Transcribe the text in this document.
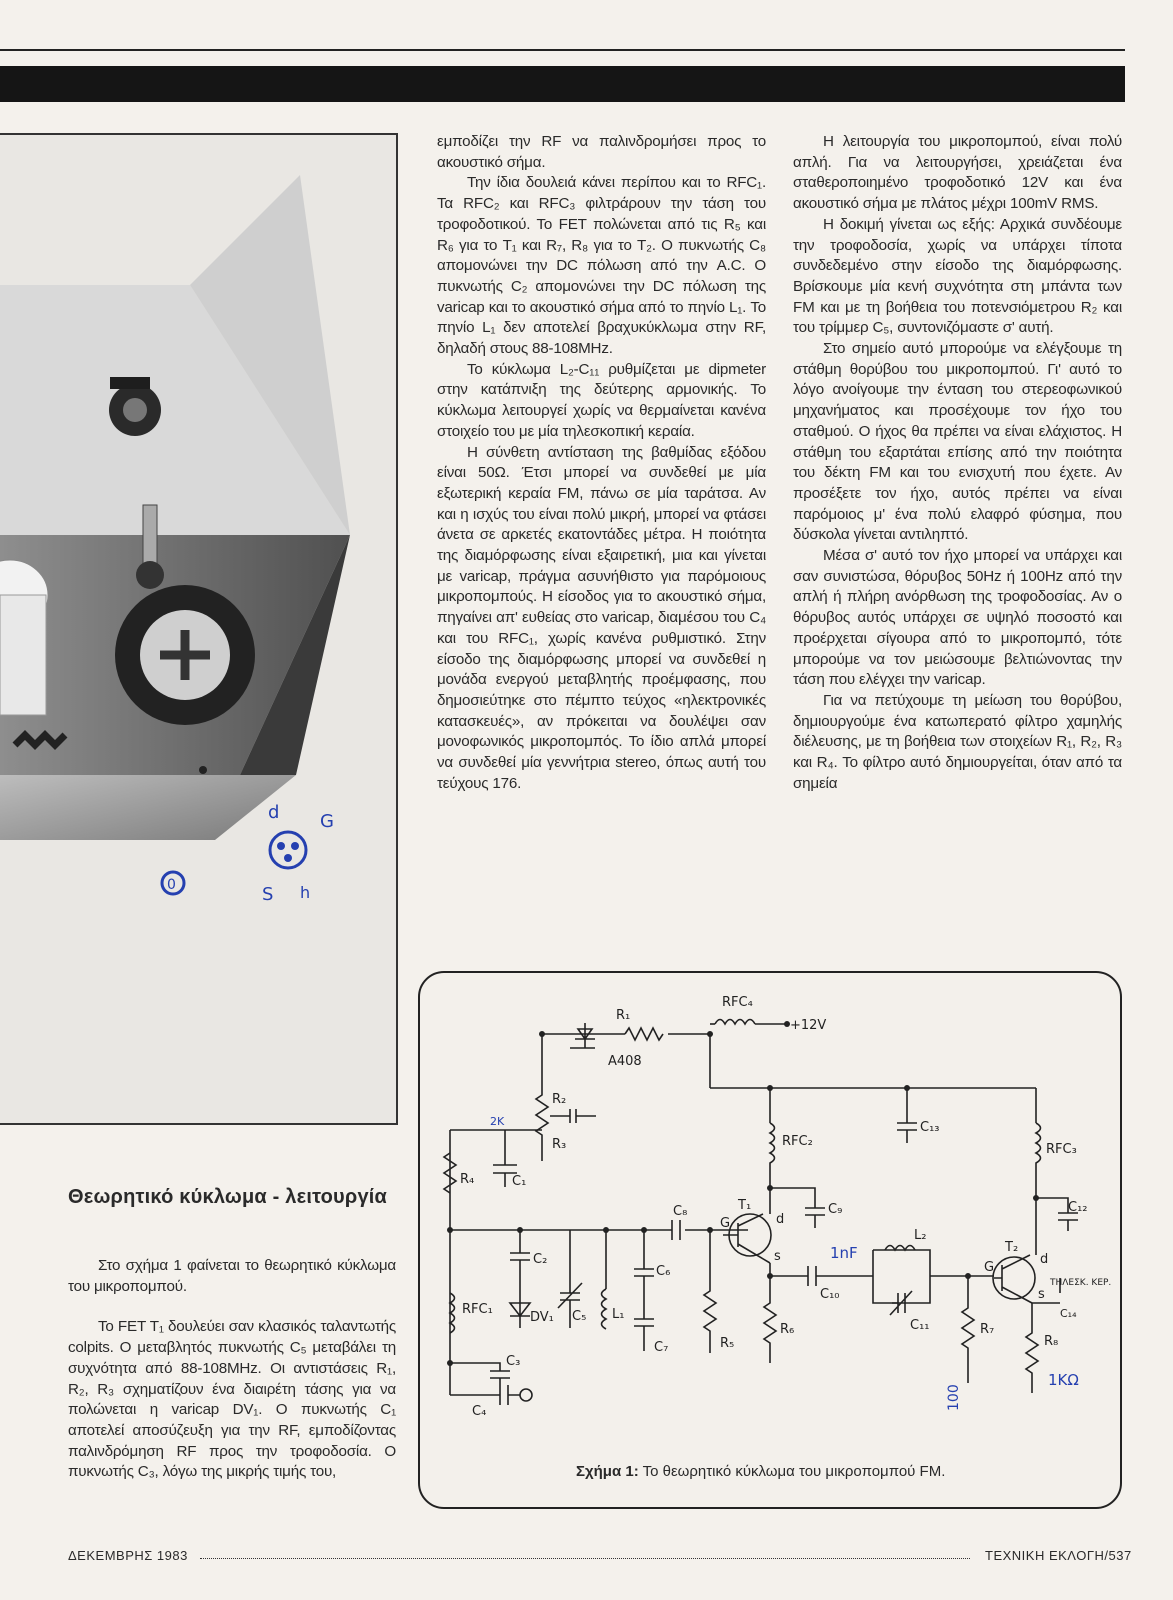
d G
S h
0

εμποδίζει την RF να παλινδρομήσει προς το ακουστικό σήμα.

Την ίδια δουλειά κάνει περίπου και το RFC₁. Τα RFC₂ και RFC₃ φιλτράρουν την τάση του τροφοδοτικού. Το FET πολώνεται από τις R₅ και R₆ για το T₁ και R₇, R₈ για το T₂. Ο πυκνωτής C₈ απομονώνει την DC πόλωση από την A.C. Ο πυκνωτής C₂ απομονώνει την DC πόλωση της varicap και το ακουστικό σήμα από το πηνίο L₁. Το πηνίο L₁ δεν αποτελεί βραχυκύκλωμα στην RF, δηλαδή στους 88-108MHz.

Το κύκλωμα L₂-C₁₁ ρυθμίζεται με dipmeter στην κατάπνιξη της δεύτερης αρμονικής. Το κύκλωμα λειτουργεί χωρίς να θερμαίνεται κανένα στοιχείο του με μία τηλεσκοπική κεραία.

Η σύνθετη αντίσταση της βαθμίδας εξόδου είναι 50Ω. Έτσι μπορεί να συνδεθεί με μία εξωτερική κεραία FM, πάνω σε μία ταράτσα. Αν και η ισχύς του είναι πολύ μικρή, μπορεί να φτάσει άνετα σε αρκετές εκατοντάδες μέτρα. Η ποιότητα της διαμόρφωσης είναι εξαιρετική, μια και γίνεται με varicap, πράγμα ασυνήθιστο για παρόμοιους μικροπομπούς. Η είσοδος για το ακουστικό σήμα, πηγαίνει απ' ευθείας στο varicap, διαμέσου του C₄ και του RFC₁, χωρίς κανένα ρυθμιστικό. Στην είσοδο της διαμόρφωσης μπορεί να συνδεθεί η μονάδα ενεργού μεταβλητής προέμφασης, που δημοσιεύτηκε στο πέμπτο τεύχος «ηλεκτρονικές κατασκευές», αν πρόκειται να δουλέψει σαν μονοφωνικός μικροπομπός. Το ίδιο απλά μπορεί να συνδεθεί μία γεννήτρια stereo, όπως αυτή του τεύχους 176.

Η λειτουργία του μικροπομπού, είναι πολύ απλή. Για να λειτουργήσει, χρειάζεται ένα σταθεροποιημένο τροφοδοτικό 12V και ένα ακουστικό σήμα με πλάτος μέχρι 100mV RMS.

Η δοκιμή γίνεται ως εξής: Αρχικά συνδέουμε την τροφοδοσία, χωρίς να υπάρχει τίποτα συνδεδεμένο στην είσοδο της διαμόρφωσης. Βρίσκουμε μία κενή συχνότητα στη μπάντα των FM και με τη βοήθεια του ποτενσιόμετρου R₂ και του τρίμμερ C₅, συντονιζόμαστε σ' αυτή.

Στο σημείο αυτό μπορούμε να ελέγξουμε τη στάθμη θορύβου του μικροπομπού. Γι' αυτό το λόγο ανοίγουμε την ένταση του στερεοφωνικού μηχανήματος και προσέχουμε τον ήχο του σταθμού. Ο ήχος θα πρέπει να είναι ελάχιστος. Η στάθμη του εξαρτάται επίσης από την ποιότητα του δέκτη FM και του ενισχυτή που έχετε. Αν προσέξετε τον ήχο, αυτός πρέπει να είναι παρόμοιος μ' ένα πολύ ελαφρό φύσημα, που δύσκολα γίνεται αντιληπτό.

Μέσα σ' αυτό τον ήχο μπορεί να υπάρχει και σαν συνιστώσα, θόρυβος 50Hz ή 100Hz από την απλή ή πλήρη ανόρθωση της τροφοδοσίας. Αν ο θόρυβος αυτός υπάρχει σε υψηλό ποσοστό και προέρχεται σίγουρα από το μικροπομπό, τότε μπορούμε να τον μειώσουμε βελτιώνοντας την τάση που ελέγχει την varicap.

Για να πετύχουμε τη μείωση του θορύβου, δημιουργούμε ένα κατωπερατό φίλτρο χαμηλής διέλευσης, με τη βοήθεια των στοιχείων R₁, R₂, R₃ και R₄. Το φίλτρο αυτό δημιουργείται, όταν από τα σημεία

Θεωρητικό κύκλωμα - λειτουργία

Στο σχήμα 1 φαίνεται το θεωρητικό κύκλωμα του μικροπομπού.

Το FET T₁ δουλεύει σαν κλασικός ταλαντωτής colpits. Ο μεταβλητός πυκνωτής C₅ μεταβάλει τη συχνότητα από 88-108MHz. Οι αντιστάσεις R₁, R₂, R₃ σχηματίζουν ένα διαιρέτη τάσης για να πολώνεται η varicap DV₁. Ο πυκνωτής C₁ αποτελεί αποσύζευξη για την RF, εμποδίζοντας παλινδρόμηση RF προς την τροφοδοσία. Ο πυκνωτής C₃, λόγω της μικρής τιμής του,

RFC₄
+12V
R₁
A408
R₂
R₃
R₄	C₁
C₁₃
RFC₂
RFC₃
C₁₂
T₁
G	d
s
C₉
C₈
C₂
C₆
RFC₁
DV₁ C₅ L₁
C₇	R₅
R₆
C₁₀
L₂
C₁₁
T₂
G
d
s
ΤΗΛΕΣΚ. ΚΕΡ.
C₁₄
R₇
R₈
C₃
C₄
1nF
100
1KΩ
2K
Σχήμα 1: Το θεωρητικό κύκλωμα του μικροπομπού FM.
ΔΕΚΕΜΒΡΗΣ 1983	ΤΕΧΝΙΚΗ ΕΚΛΟΓΗ/537
